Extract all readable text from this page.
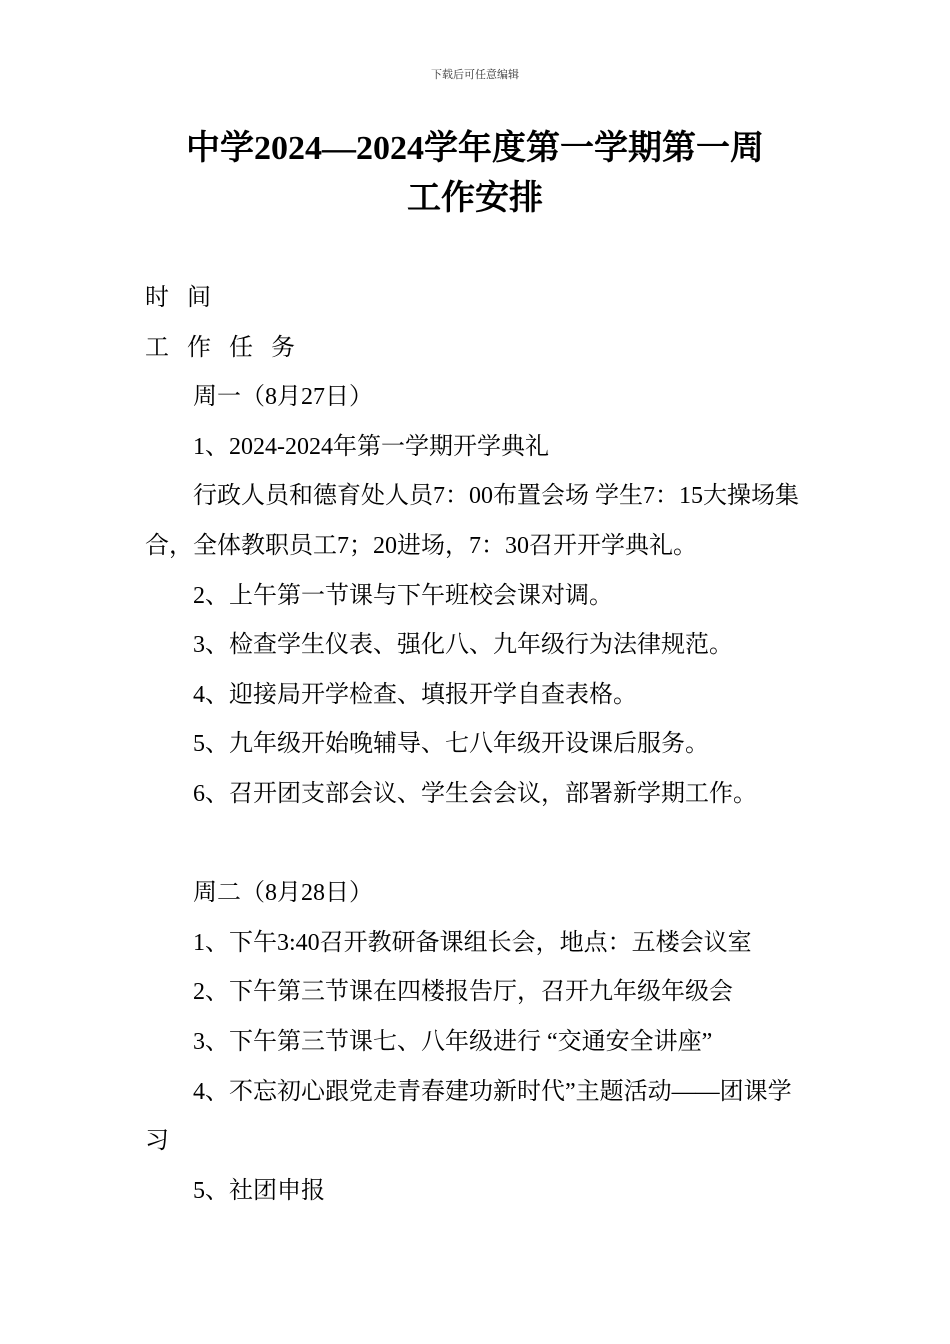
下载后可任意编辑
中学2024—2024学年度第一学期第一周
工作安排

时 间

工 作 任 务

周一（8月27日）

1、2024-2024年第一学期开学典礼

行政人员和德育处人员7：00布置会场 学生7：15大操场集合，全体教职员工7；20进场，7：30召开开学典礼。

2、上午第一节课与下午班校会课对调。

3、检查学生仪表、强化八、九年级行为法律规范。

4、迎接局开学检查、填报开学自查表格。

5、九年级开始晚辅导、七八年级开设课后服务。

6、召开团支部会议、学生会会议，部署新学期工作。

周二（8月28日）

1、下午3:40召开教研备课组长会，地点：五楼会议室

2、下午第三节课在四楼报告厅，召开九年级年级会

3、下午第三节课七、八年级进行 “交通安全讲座”

4、不忘初心跟党走青春建功新时代”主题活动——团课学习

5、社团申报
